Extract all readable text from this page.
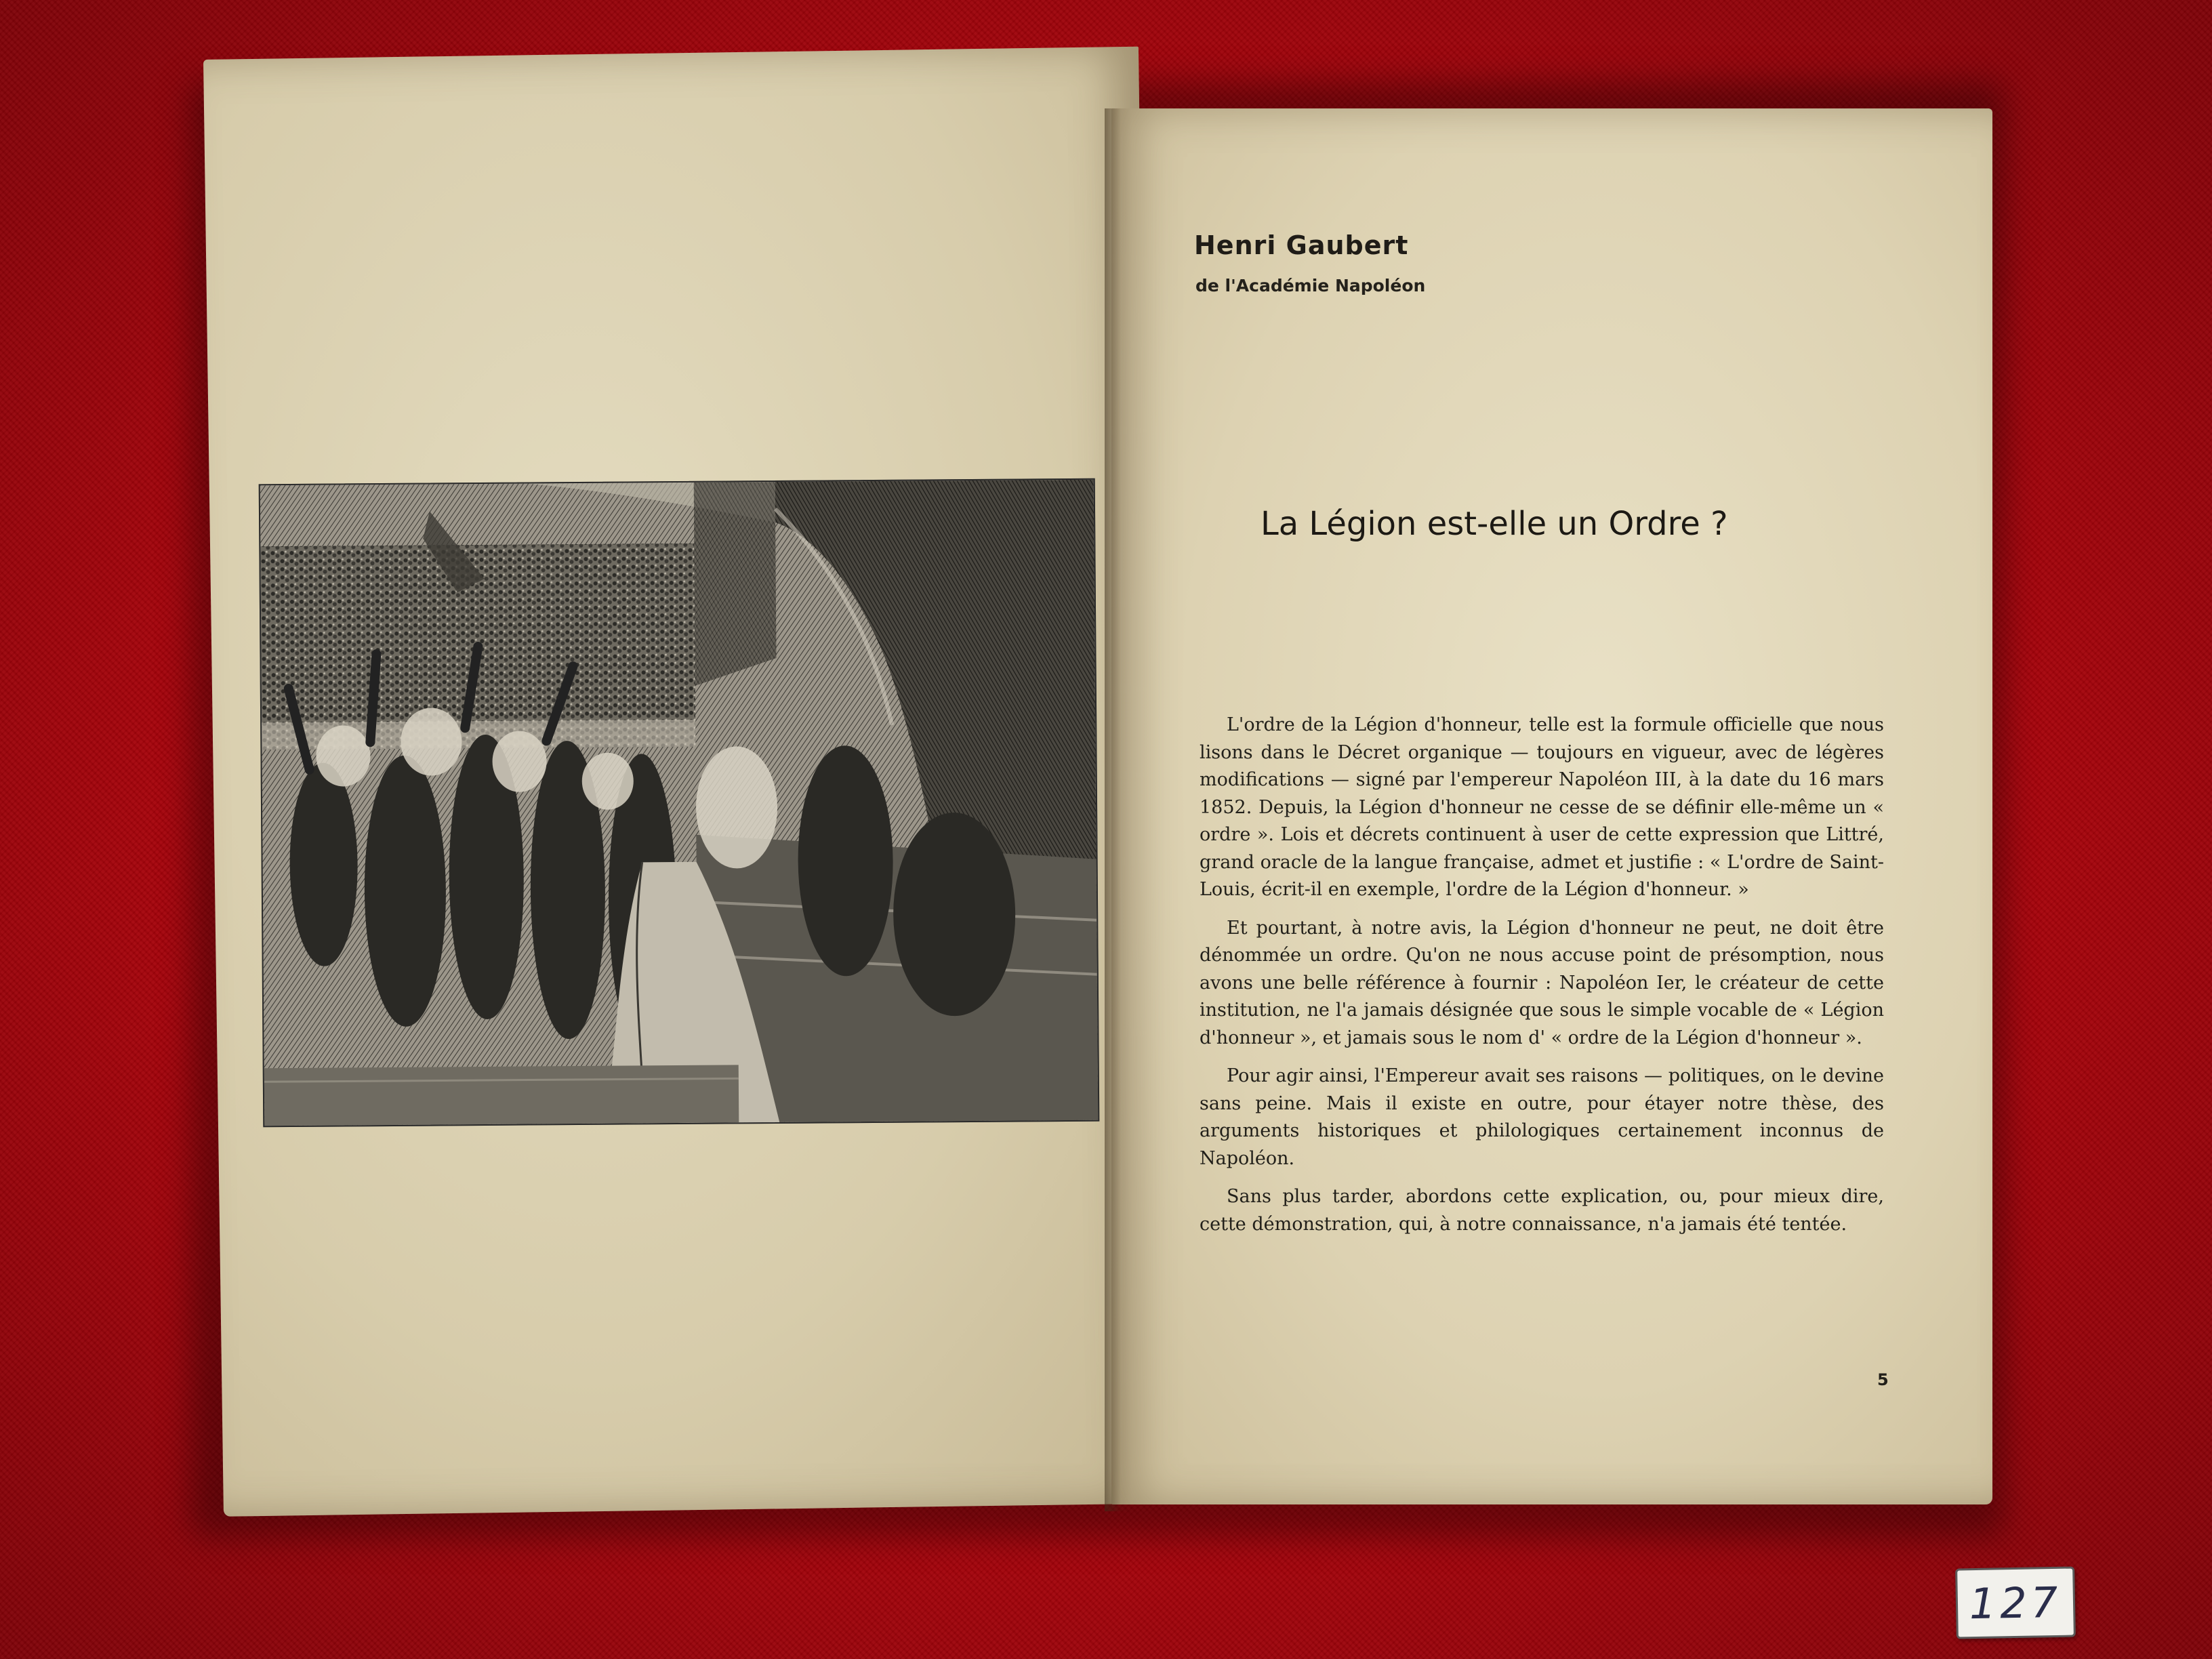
Henri Gaubert
de l'Académie Napoléon
La Légion est-elle un Ordre ?

L'ordre de la Légion d'honneur, telle est la formule officielle que nous lisons dans le Décret organique — toujours en vigueur, avec de légères modifications — signé par l'empereur Napoléon III, à la date du 16 mars 1852. Depuis, la Légion d'honneur ne cesse de se définir elle-même un « ordre ». Lois et décrets continuent à user de cette expression que Littré, grand oracle de la langue française, admet et justifie : « L'ordre de Saint-Louis, écrit-il en exemple, l'ordre de la Légion d'honneur. »

Et pourtant, à notre avis, la Légion d'honneur ne peut, ne doit être dénommée un ordre. Qu'on ne nous accuse point de présomption, nous avons une belle référence à fournir : Napoléon Ier, le créateur de cette institution, ne l'a jamais désignée que sous le simple vocable de « Légion d'honneur », et jamais sous le nom d' « ordre de la Légion d'honneur ».

Pour agir ainsi, l'Empereur avait ses raisons — politiques, on le devine sans peine. Mais il existe en outre, pour étayer notre thèse, des arguments historiques et philologiques certainement inconnus de Napoléon.

Sans plus tarder, abordons cette explication, ou, pour mieux dire, cette démonstration, qui, à notre connaissance, n'a jamais été tentée.

5
127
